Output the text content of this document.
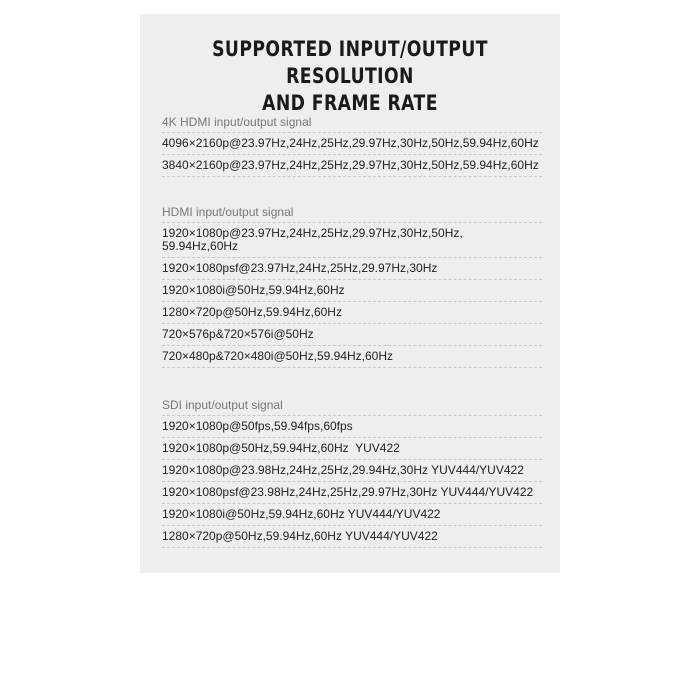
SUPPORTED INPUT/OUTPUT RESOLUTION
AND FRAME RATE
4K HDMI input/output signal
4096×2160p@23.97Hz,24Hz,25Hz,29.97Hz,30Hz,50Hz,59.94Hz,60Hz
3840×2160p@23.97Hz,24Hz,25Hz,29.97Hz,30Hz,50Hz,59.94Hz,60Hz
HDMI input/output signal
1920×1080p@23.97Hz,24Hz,25Hz,29.97Hz,30Hz,50Hz,
59.94Hz,60Hz
1920×1080psf@23.97Hz,24Hz,25Hz,29.97Hz,30Hz
1920×1080i@50Hz,59.94Hz,60Hz
1280×720p@50Hz,59.94Hz,60Hz
720×576p&720×576i@50Hz
720×480p&720×480i@50Hz,59.94Hz,60Hz
SDI input/output signal
1920×1080p@50fps,59.94fps,60fps
1920×1080p@50Hz,59.94Hz,60Hz  YUV422
1920×1080p@23.98Hz,24Hz,25Hz,29.94Hz,30Hz YUV444/YUV422
1920×1080psf@23.98Hz,24Hz,25Hz,29.97Hz,30Hz YUV444/YUV422
1920×1080i@50Hz,59.94Hz,60Hz YUV444/YUV422
1280×720p@50Hz,59.94Hz,60Hz YUV444/YUV422
